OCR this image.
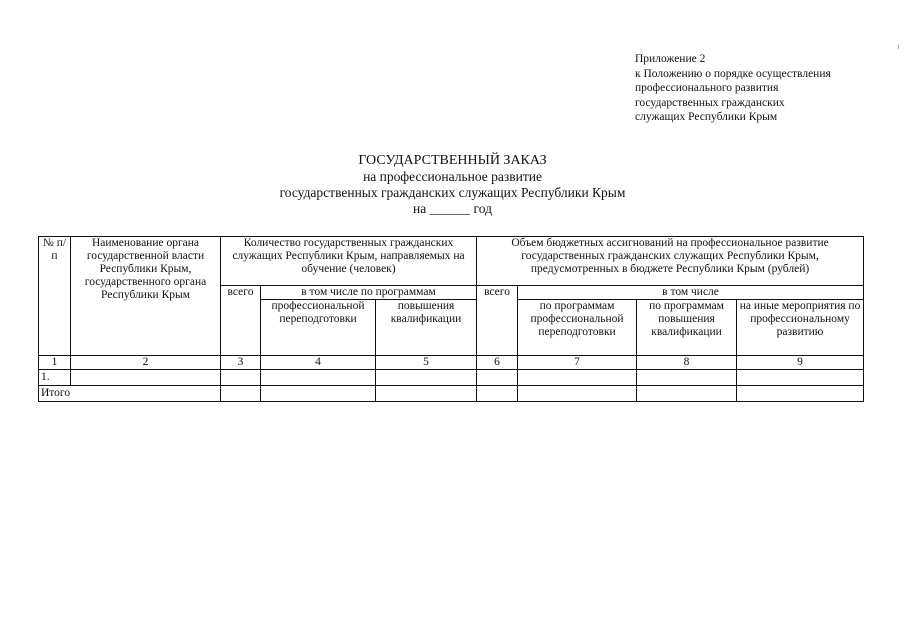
Приложение 2
к Положению о порядке осуществления
профессионального развития
государственных гражданских
служащих Республики Крым
¹
ГОСУДАРСТВЕННЫЙ ЗАКАЗ
на профессиональное развитие
государственных гражданских служащих Республики Крым
на ______ год
№ п/п	Наименование органа государственной власти Республики Крым, государственного органа Республики Крым	Количество государственных гражданских служащих Республики Крым, направляемых на обучение (человек)			Объем бюджетных ассигнований на профессиональное развитие государственных гражданских служащих Республики Крым, предусмотренных в бюджете Республики Крым (рублей)			
		всего	в том числе по программам		всего	в том числе		
			профессиональной переподготовки	повышения квалификации		по программам профессиональной переподготовки	по программам повышения квалификации	на иные мероприятия по профессиональному развитию
1	2	3	4	5	6	7	8	9
1.								
Итого								
